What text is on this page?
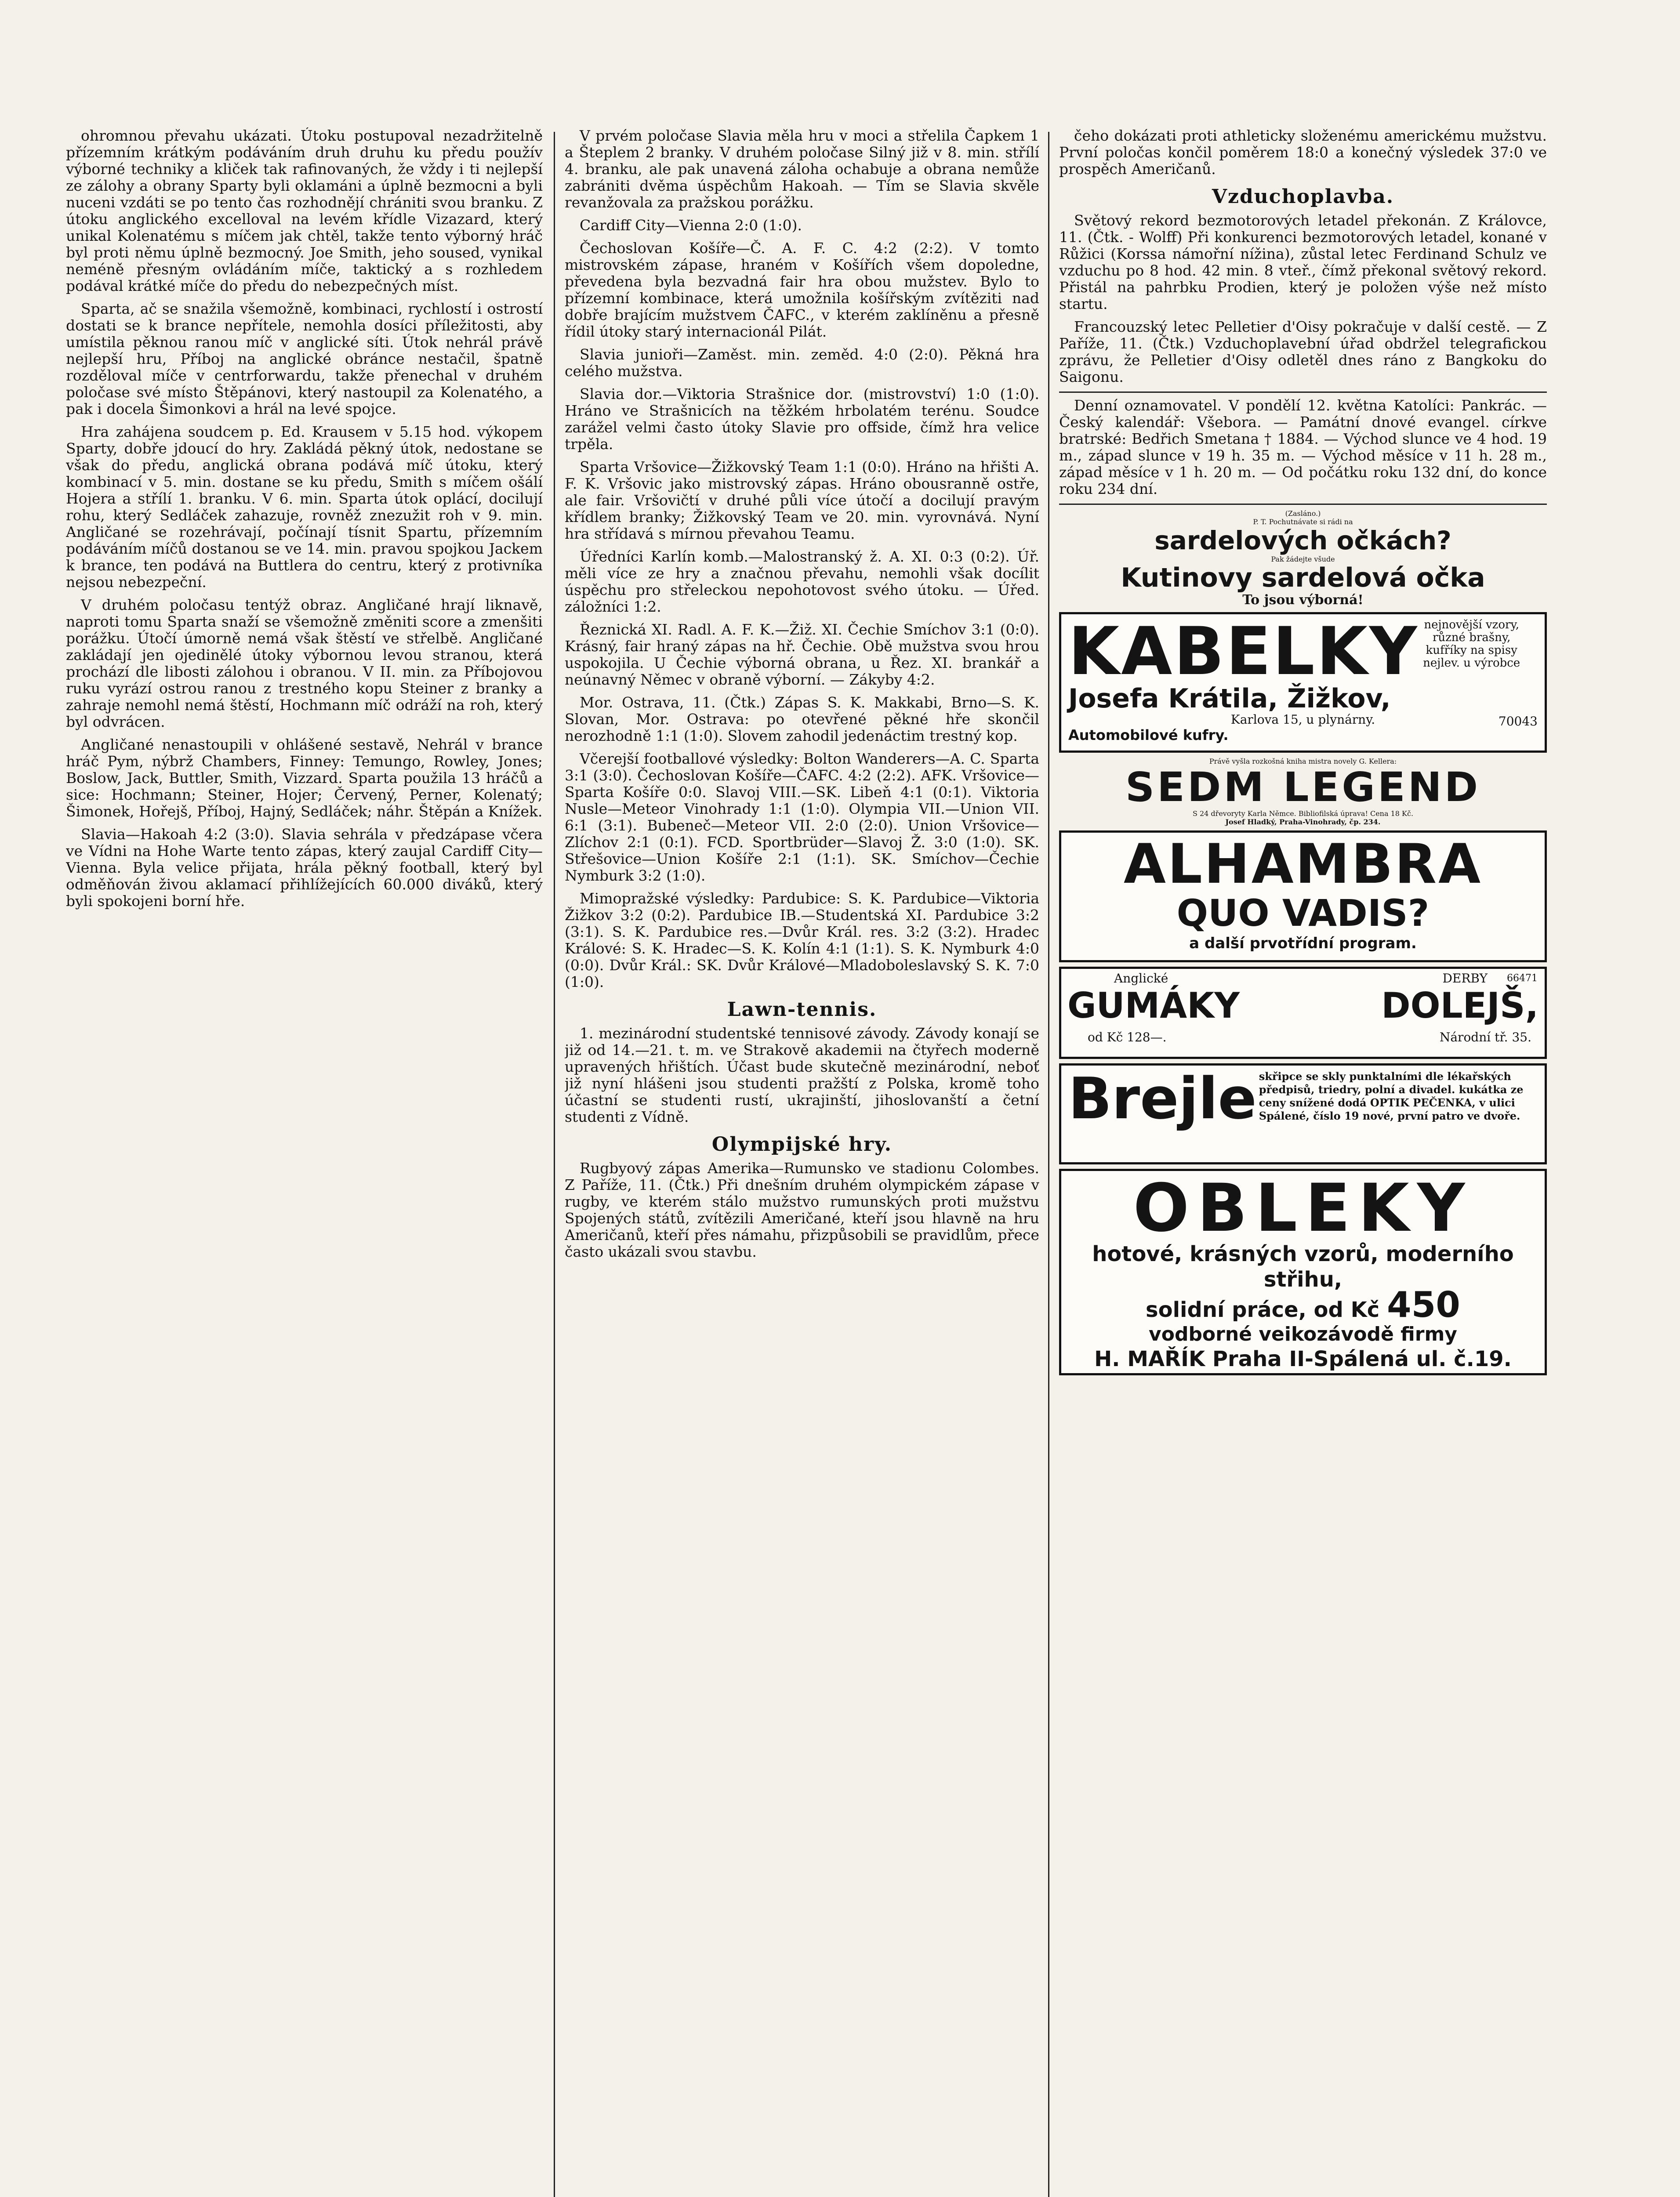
ohromnou převahu ukázati. Útoku postupoval nezadržitelně přízemním krátkým podáváním druh druhu ku předu použív výborné techniky a kliček tak rafinovaných, že vždy i ti nejlepší ze zálohy a obrany Sparty byli oklamáni a úplně bezmocni a byli nuceni vzdáti se po tento čas rozhodnějí chrániti svou branku. Z útoku anglického excelloval na levém křídle Vizazard, který unikal Kolenatému s míčem jak chtěl, takže tento výborný hráč byl proti němu úplně bezmocný. Joe Smith, jeho soused, vynikal neméně přesným ovládáním míče, taktický a s rozhledem podával krátké míče do předu do nebezpečných míst.

Sparta, ač se snažila všemožně, kombinaci, rychlostí i ostrostí dostati se k brance nepřítele, nemohla dosíci příležitosti, aby umístila pěknou ranou míč v anglické síti. Útok nehrál právě nejlepší hru, Příboj na anglické obránce nestačil, špatně rozděloval míče v centrforwardu, takže přenechal v druhém poločase své místo Štěpánovi, který nastoupil za Kolenatého, a pak i docela Šimonkovi a hrál na levé spojce.

Hra zahájena soudcem p. Ed. Krausem v 5.15 hod. výkopem Sparty, dobře jdoucí do hry. Zakládá pěkný útok, nedostane se však do předu, anglická obrana podává míč útoku, který kombinací v 5. min. dostane se ku předu, Smith s míčem ošálí Hojera a střílí 1. branku. V 6. min. Sparta útok oplácí, docilují rohu, který Sedláček zahazuje, rovněž znezužit roh v 9. min. Angličané se rozehrávají, počínají tísnit Spartu, přízemním podáváním míčů dostanou se ve 14. min. pravou spojkou Jackem k brance, ten podává na Buttlera do centru, který z protivníka nejsou nebezpeční.

V druhém poločasu tentýž obraz. Angličané hrají liknavě, naproti tomu Sparta snaží se všemožně změniti score a zmenšiti porážku. Útočí úmorně nemá však štěstí ve střelbě. Angličané zakládají jen ojedinělé útoky výbornou levou stranou, která prochází dle libosti zálohou i obranou. V II. min. za Příbojovou ruku vyrází ostrou ranou z trestného kopu Steiner z branky a zahraje nemohl nemá štěstí, Hochmann míč odráží na roh, který byl odvrácen.

Angličané nenastoupili v ohlášené sestavě, Nehrál v brance hráč Pym, nýbrž Chambers, Finney: Temungo, Rowley, Jones; Boslow, Jack, Buttler, Smith, Vizzard. Sparta použila 13 hráčů a sice: Hochmann; Steiner, Hojer; Červený, Perner, Kolenatý; Šimonek, Hořejš, Příboj, Hajný, Sedláček; náhr. Štěpán a Knížek.

Slavia—Hakoah 4:2 (3:0). Slavia sehrála v předzápase včera ve Vídni na Hohe Warte tento zápas, který zaujal Cardiff City—Vienna. Byla velice přijata, hrála pěkný football, který byl odměňován živou aklamací přihlížejících 60.000 diváků, který byli spokojeni borní hře.

V prvém poločase Slavia měla hru v moci a střelila Čapkem 1 a Šteplem 2 branky. V druhém poločase Silný již v 8. min. střílí 4. branku, ale pak unavená záloha ochabuje a obrana nemůže zabrániti dvěma úspěchům Hakoah. — Tím se Slavia skvěle revanžovala za pražskou porážku.

Cardiff City—Vienna 2:0 (1:0).

Čechoslovan Košíře—Č. A. F. C. 4:2 (2:2). V tomto mistrovském zápase, hraném v Košířích všem dopoledne, převedena byla bezvadná fair hra obou mužstev. Bylo to přízemní kombinace, která umožnila košířským zvítěziti nad dobře brajícím mužstvem ČAFC., v kterém zaklíněnu a přesně řídil útoky starý internacionál Pilát.

Slavia junioři—Zaměst. min. zeměd. 4:0 (2:0). Pěkná hra celého mužstva.

Slavia dor.—Viktoria Strašnice dor. (mistrovství) 1:0 (1:0). Hráno ve Strašnicích na těžkém hrbolatém terénu. Soudce zarážel velmi často útoky Slavie pro offside, čímž hra velice trpěla.

Sparta Vršovice—Žižkovský Team 1:1 (0:0). Hráno na hřišti A. F. K. Vršovic jako mistrovský zápas. Hráno obousranně ostře, ale fair. Vršovičtí v druhé půli více útočí a docilují pravým křídlem branky; Žižkovský Team ve 20. min. vyrovnává. Nyní hra střídavá s mírnou převahou Teamu.

Úředníci Karlín komb.—Malostranský ž. A. XI. 0:3 (0:2). Úř. měli více ze hry a značnou převahu, nemohli však docílit úspěchu pro střeleckou nepohotovost svého útoku. — Úřed. záložníci 1:2.

Řeznická XI. Radl. A. F. K.—Žiž. XI. Čechie Smíchov 3:1 (0:0). Krásný, fair hraný zápas na hř. Čechie. Obě mužstva svou hrou uspokojila. U Čechie výborná obrana, u Řez. XI. brankář a neúnavný Němec v obraně výborní. — Zákyby 4:2.

Mor. Ostrava, 11. (Čtk.) Zápas S. K. Makkabi, Brno—S. K. Slovan, Mor. Ostrava: po otevřené pěkné hře skončil nerozhodně 1:1 (1:0). Slovem zahodil jedenáctim trestný kop.

Včerejší footballové výsledky: Bolton Wanderers—A. C. Sparta 3:1 (3:0). Čechoslovan Košíře—ČAFC. 4:2 (2:2). AFK. Vršovice—Sparta Košíře 0:0. Slavoj VIII.—SK. Libeň 4:1 (0:1). Viktoria Nusle—Meteor Vinohrady 1:1 (1:0). Olympia VII.—Union VII. 6:1 (3:1). Bubeneč—Meteor VII. 2:0 (2:0). Union Vršovice—Zlíchov 2:1 (0:1). FCD. Sportbrüder—Slavoj Ž. 3:0 (1:0). SK. Střešovice—Union Košíře 2:1 (1:1). SK. Smíchov—Čechie Nymburk 3:2 (1:0).

Mimopražské výsledky: Pardubice: S. K. Pardubice—Viktoria Žižkov 3:2 (0:2). Pardubice IB.—Studentská XI. Pardubice 3:2 (3:1). S. K. Pardubice res.—Dvůr Král. res. 3:2 (3:2). Hradec Králové: S. K. Hradec—S. K. Kolín 4:1 (1:1). S. K. Nymburk 4:0 (0:0). Dvůr Král.: SK. Dvůr Králové—Mladoboleslavský S. K. 7:0 (1:0).

Lawn-tennis.

1. mezinárodní studentské tennisové závody. Závody konají se již od 14.—21. t. m. ve Strakově akademii na čtyřech moderně upravených hřištích. Účast bude skutečně mezinárodní, neboť již nyní hlášeni jsou studenti pražští z Polska, kromě toho účastní se studenti rustí, ukrajinští, jihoslovanští a četní studenti z Vídně.

Olympijské hry.

Rugbyový zápas Amerika—Rumunsko ve stadionu Colombes. Z Paříže, 11. (Čtk.) Při dnešním druhém olympickém zápase v rugby, ve kterém stálo mužstvo rumunských proti mužstvu Spojených států, zvítězili Američané, kteří jsou hlavně na hru Američanů, kteří přes námahu, přizpůsobili se pravidlům, přece často ukázali svou stavbu.

čeho dokázati proti athleticky složenému americkému mužstvu. První poločas končil poměrem 18:0 a konečný výsledek 37:0 ve prospěch Američanů.

Vzduchoplavba.

Světový rekord bezmotorových letadel překonán. Z Královce, 11. (Čtk. - Wolff) Při konkurenci bezmotorových letadel, konané v Růžici (Korssa námořní nížina), zůstal letec Ferdinand Schulz ve vzduchu po 8 hod. 42 min. 8 vteř., čímž překonal světový rekord. Přistál na pahrbku Prodien, který je položen výše než místo startu.

Francouzský letec Pelletier d'Oisy pokračuje v další cestě. — Z Paříže, 11. (Čtk.) Vzduchoplavební úřad obdržel telegrafickou zprávu, že Pelletier d'Oisy odletěl dnes ráno z Bangkoku do Saigonu.

Denní oznamovatel. V pondělí 12. května Katolíci: Pankrác. — Český kalendář: Všebora. — Památní dnové evangel. církve bratrské: Bedřich Smetana † 1884. — Východ slunce ve 4 hod. 19 m., západ slunce v 19 h. 35 m. — Východ měsíce v 11 h. 28 m., západ měsíce v 1 h. 20 m. — Od počátku roku 132 dní, do konce roku 234 dní.

(Zasláno.)
P. T. Pochutnávate si rádi na
sardelových očkách?
Pak žádejte všude
Kutinovy sardelová očka
To jsou výborná!
KABELKY nejnovější vzory, různé brašny, kufříky na spisy nejlev. u výrobce
Josefa Krátila, Žižkov,
Karlova 15, u plynárny.
Automobilové kufry.
70043
Právě vyšla rozkošná kniha mistra novely G. Kellera:
SEDM LEGEND
S 24 dřevoryty Karla Němce. Bibliofilská úprava! Cena 18 Kč.
Josef Hladký, Praha-Vinohrady, čp. 234.
ALHAMBRA
QUO VADIS?
a další prvotřídní program.
Anglické
GUMÁKY
od Kč 128—.
DERBY 66471
DOLEJŠ,
Národní tř. 35.
Brejle skřipce se skly punktalními dle lékařských předpisů, triedry, polní a divadel. kukátka ze ceny snížené dodá OPTIK PEČENKA, v ulici Spálené, číslo 19 nové, první patro ve dvoře.
OBLEKY
hotové, krásných vzorů, moderního střihu,
solidní práce, od Kč 450
vodborné veikozávodě firmy
H. MAŘÍK Praha II-Spálená ul. č.19.
